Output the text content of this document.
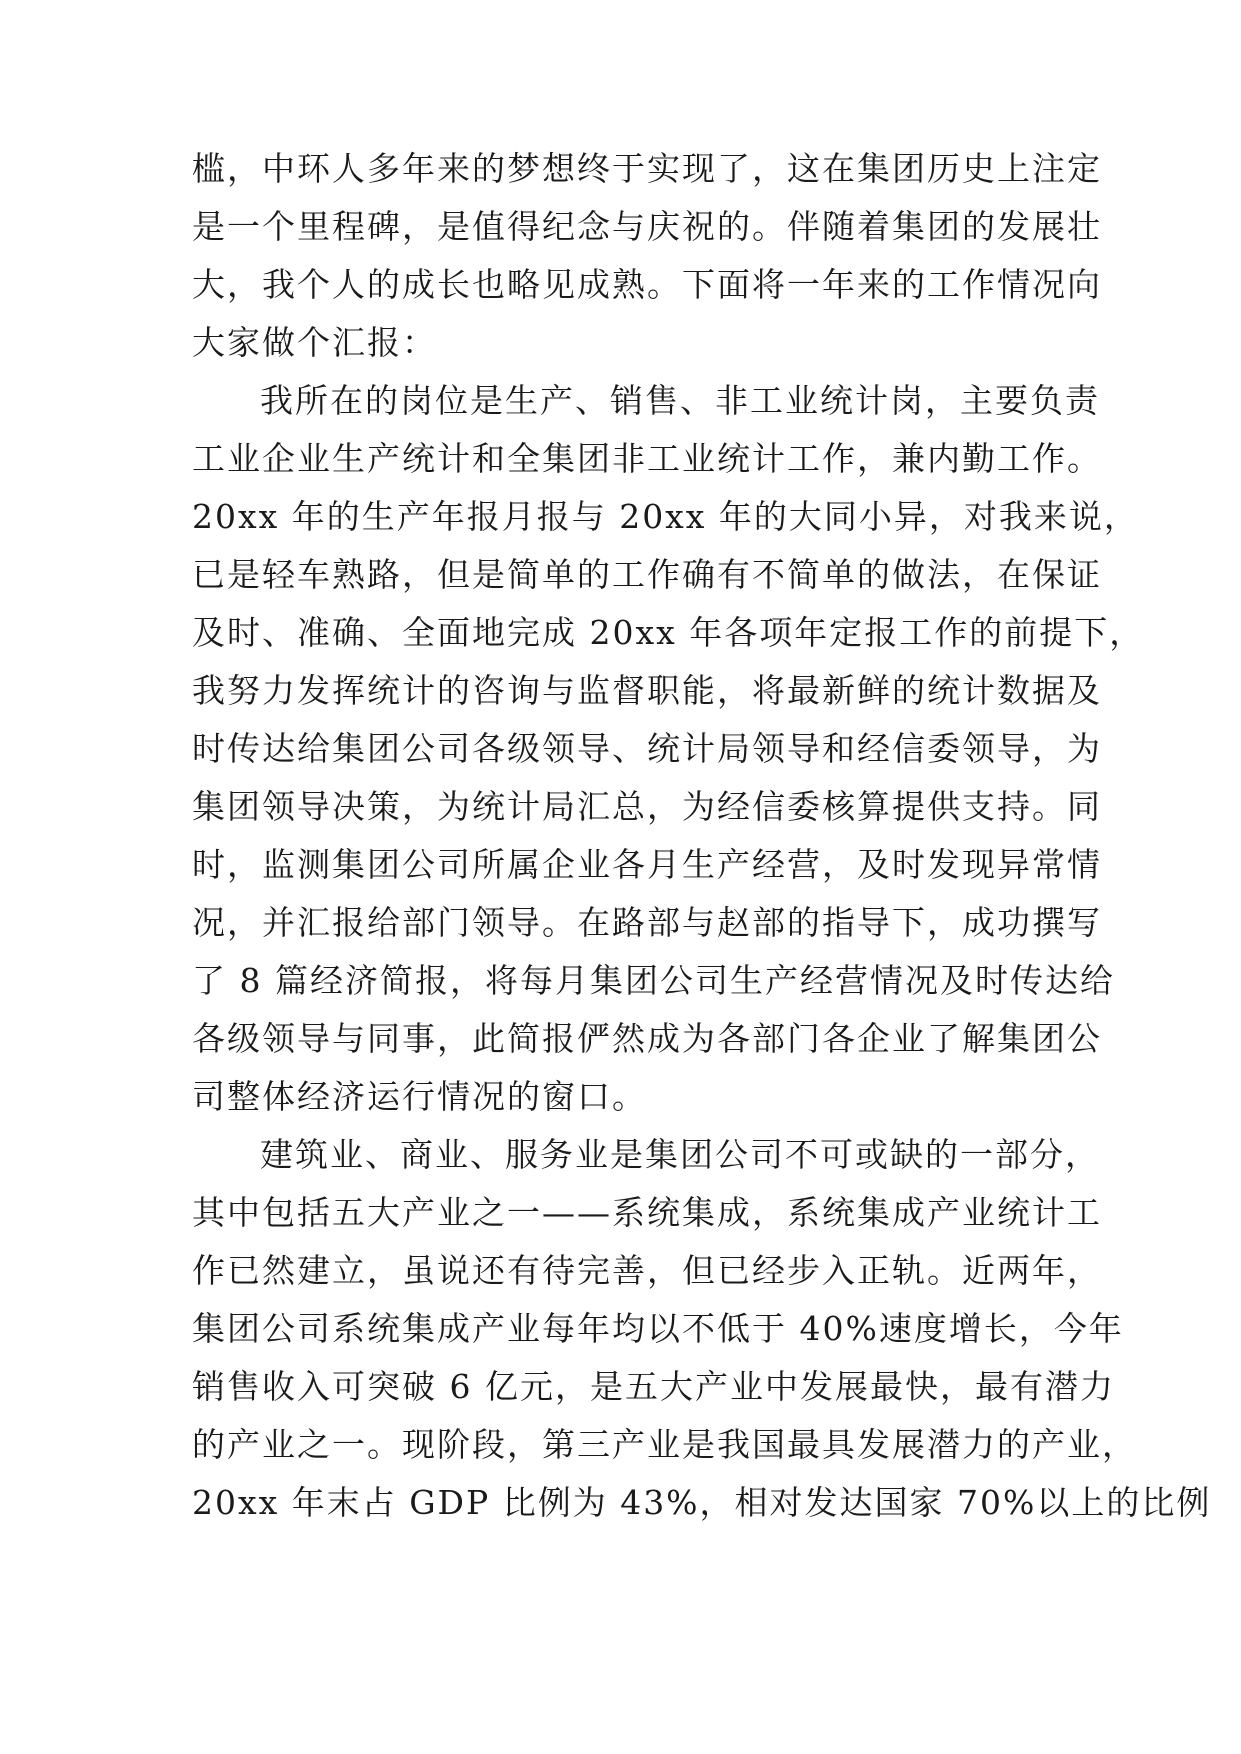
槛，中环人多年来的梦想终于实现了，这在集团历史上注定
是一个里程碑，是值得纪念与庆祝的。伴随着集团的发展壮
大，我个人的成长也略见成熟。下面将一年来的工作情况向
大家做个汇报：
我所在的岗位是生产、销售、非工业统计岗，主要负责
工业企业生产统计和全集团非工业统计工作，兼内勤工作。
20xx 年的生产年报月报与 20xx 年的大同小异，对我来说，
已是轻车熟路，但是简单的工作确有不简单的做法，在保证
及时、准确、全面地完成 20xx 年各项年定报工作的前提下，
我努力发挥统计的咨询与监督职能，将最新鲜的统计数据及
时传达给集团公司各级领导、统计局领导和经信委领导，为
集团领导决策，为统计局汇总，为经信委核算提供支持。同
时，监测集团公司所属企业各月生产经营，及时发现异常情
况，并汇报给部门领导。在路部与赵部的指导下，成功撰写
了 8 篇经济简报，将每月集团公司生产经营情况及时传达给
各级领导与同事，此简报俨然成为各部门各企业了解集团公
司整体经济运行情况的窗口。
建筑业、商业、服务业是集团公司不可或缺的一部分，
其中包括五大产业之一——系统集成，系统集成产业统计工
作已然建立，虽说还有待完善，但已经步入正轨。近两年，
集团公司系统集成产业每年均以不低于 40%速度增长，今年
销售收入可突破 6 亿元，是五大产业中发展最快，最有潜力
的产业之一。现阶段，第三产业是我国最具发展潜力的产业，
20xx 年末占 GDP 比例为 43%，相对发达国家 70%以上的比例
